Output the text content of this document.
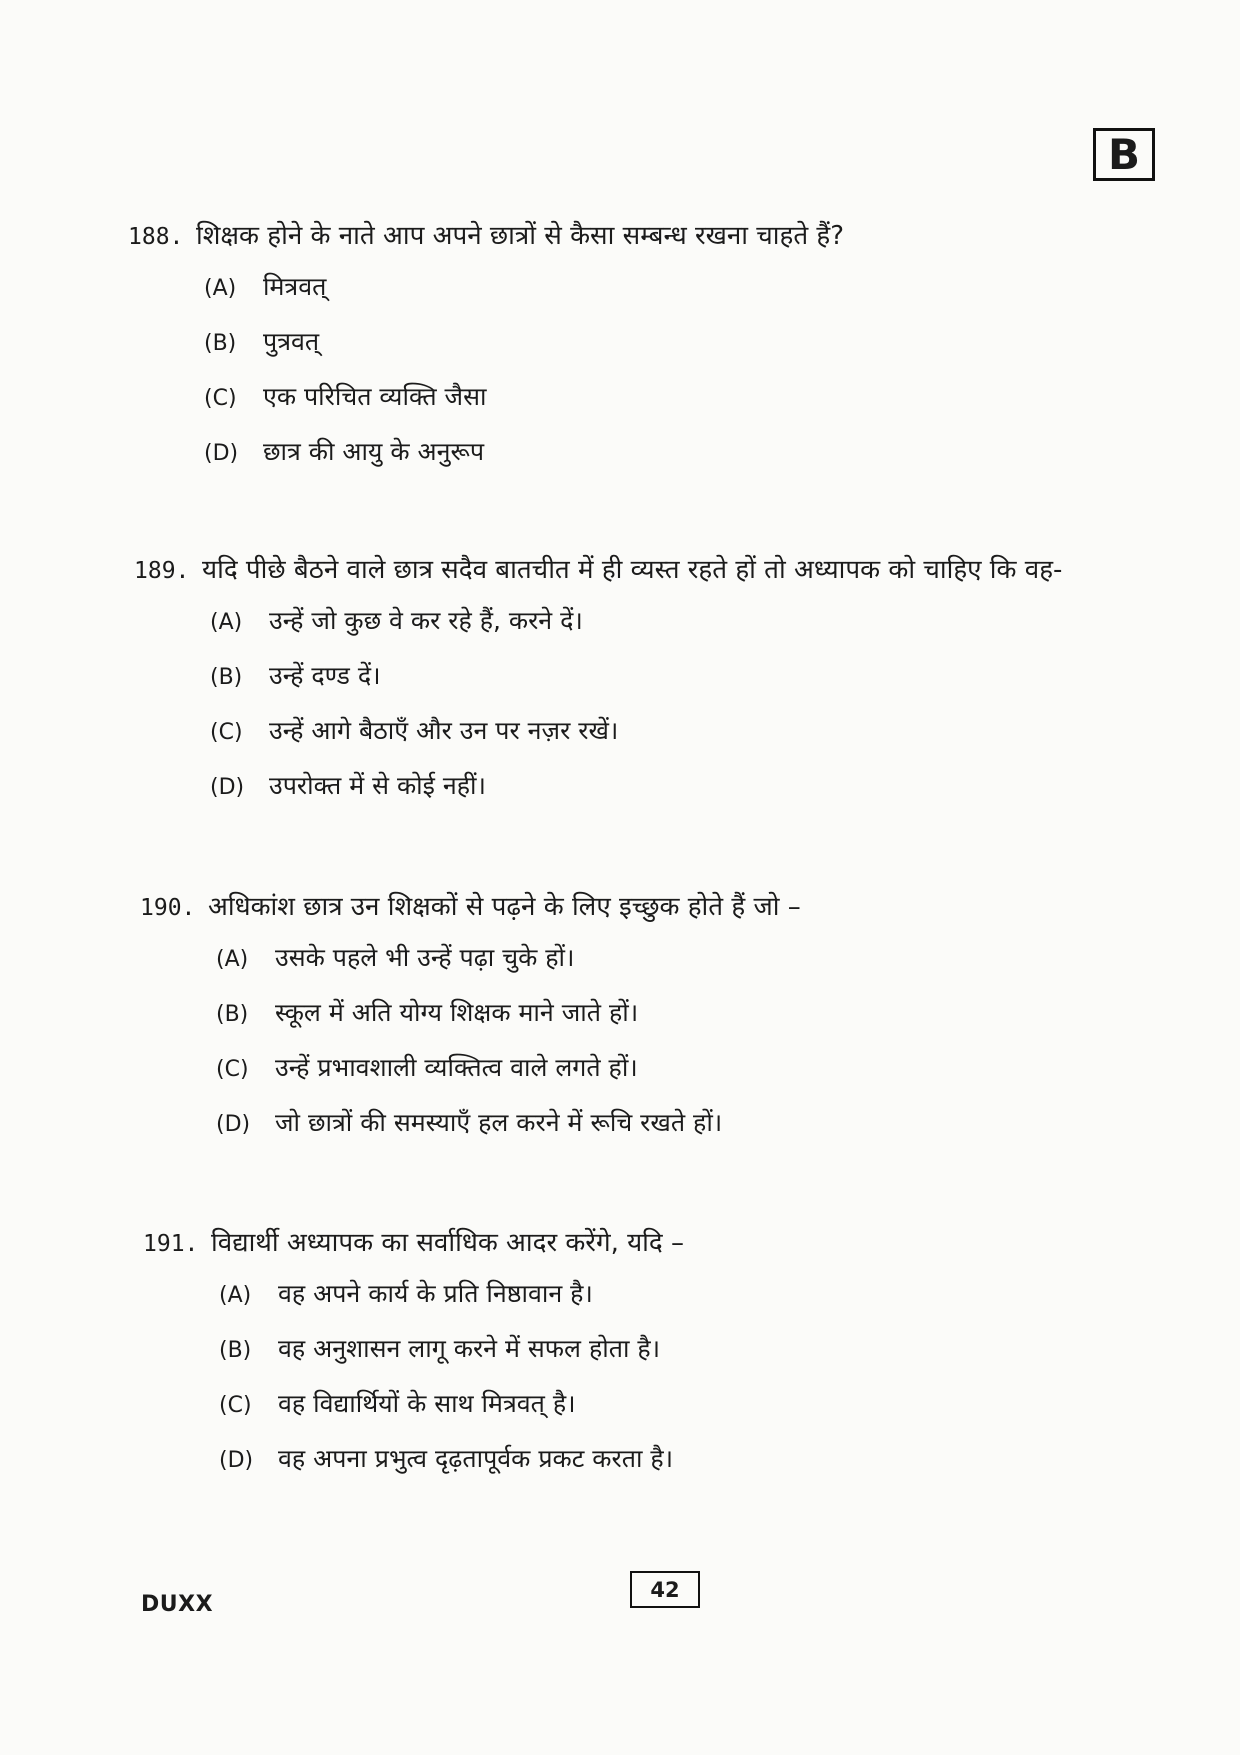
B
188. शिक्षक होने के नाते आप अपने छात्रों से कैसा सम्बन्ध रखना चाहते हैं?
(A)	मित्रवत्
(B)	पुत्रवत्
(C)	एक परिचित व्यक्ति जैसा
(D) छात्र की आयु के अनुरूप
189. यदि पीछे बैठने वाले छात्र सदैव बातचीत में ही व्यस्त रहते हों तो अध्यापक को चाहिए कि वह-
(A)	उन्हें जो कुछ वे कर रहे हैं, करने दें।
(B)	उन्हें दण्ड दें।
(C)	उन्हें आगे बैठाएँ और उन पर नज़र रखें।
(D) उपरोक्त में से कोई नहीं।
190. अधिकांश छात्र उन शिक्षकों से पढ़ने के लिए इच्छुक होते हैं जो –
(A)	उसके पहले भी उन्हें पढ़ा चुके हों।
(B)	स्कूल में अति योग्य शिक्षक माने जाते हों।
(C)	उन्हें प्रभावशाली व्यक्तित्व वाले लगते हों।
(D) जो छात्रों की समस्याएँ हल करने में रूचि रखते हों।
191. विद्यार्थी अध्यापक का सर्वाधिक आदर करेंगे, यदि –
(A)	वह अपने कार्य के प्रति निष्ठावान है।
(B)	वह अनुशासन लागू करने में सफल होता है।
(C)	वह विद्यार्थियों के साथ मित्रवत् है।
(D) वह अपना प्रभुत्व दृढ़तापूर्वक प्रकट करता है।
DUXX
42
